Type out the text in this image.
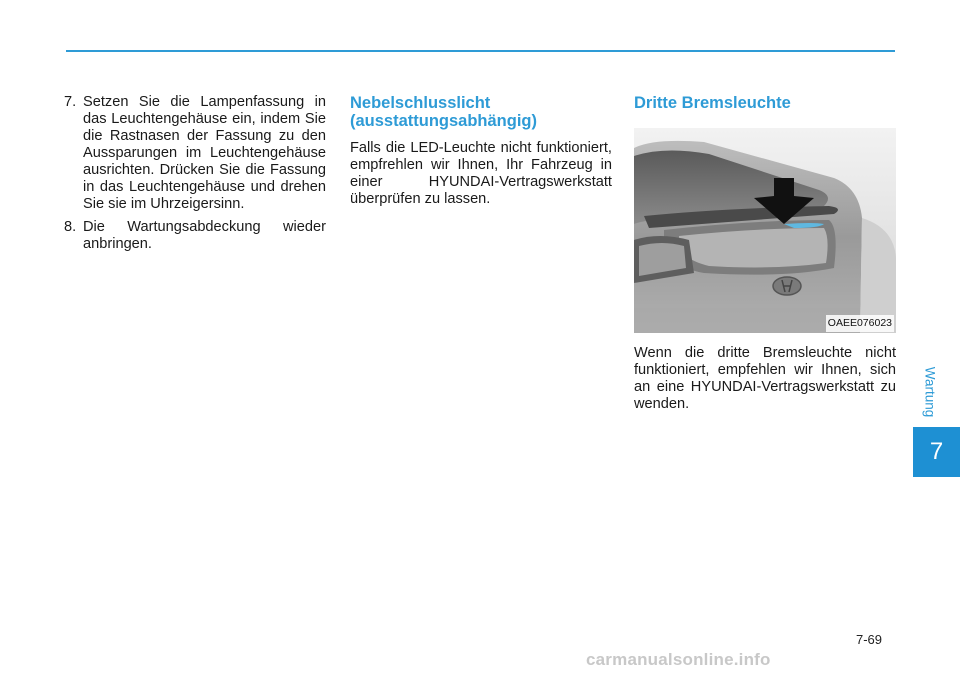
7. Setzen Sie die Lampenfassung in das Leuchtengehäuse ein, indem Sie die Rastnasen der Fassung zu den Aussparungen im Leuchtengehäuse ausrichten. Drücken Sie die Fassung in das Leuchtengehäuse und drehen Sie sie im Uhrzeigersinn.
8. Die Wartungsabdeckung wieder anbringen.
Nebelschlusslicht (ausstattungsabhängig)

Falls die LED-Leuchte nicht funktioniert, empfrehlen wir Ihnen, Ihr Fahrzeug in einer HYUNDAI-Vertragswerkstatt überprüfen zu lassen.

Dritte Bremsleuchte
OAEE076023

Wenn die dritte Bremsleuchte nicht funktioniert, empfehlen wir Ihnen, sich an eine HYUNDAI-Vertragswerkstatt zu wenden.	Wartung
7
7-69
carmanualsonline.info
